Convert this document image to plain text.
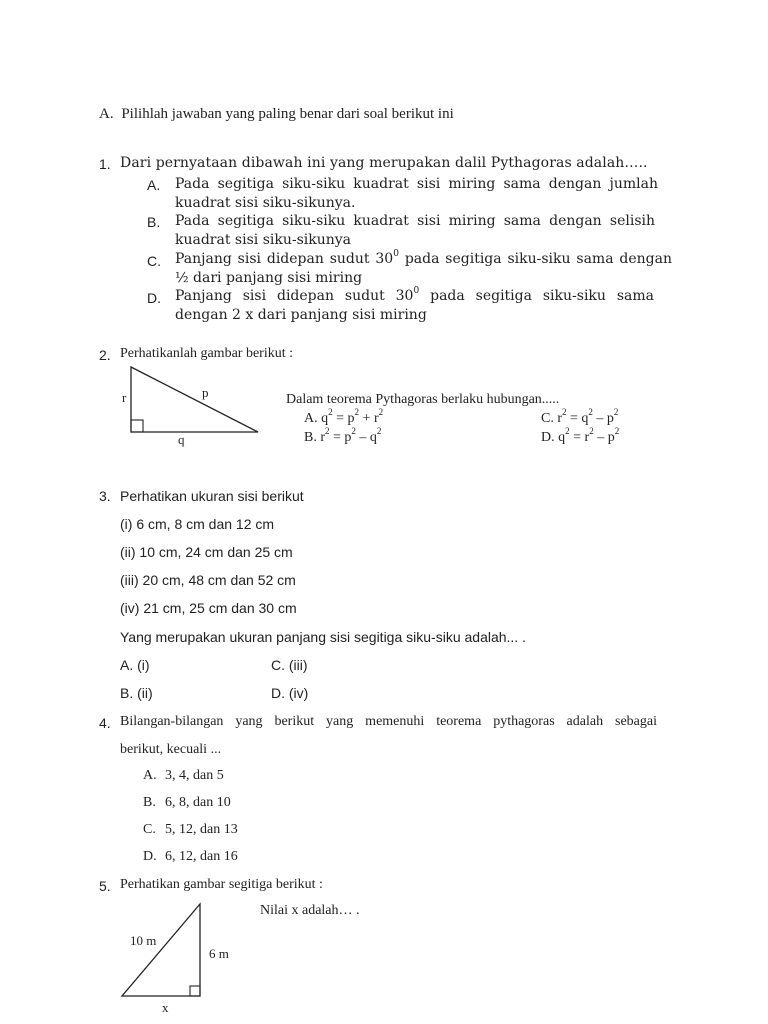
A. Pilihlah jawaban yang paling benar dari soal berikut ini
1. Dari pernyataan dibawah ini yang merupakan dalil Pythagoras adalah…..
A. Pada segitiga siku-siku kuadrat sisi miring sama dengan jumlah
kuadrat sisi siku-sikunya.
B. Pada segitiga siku-siku kuadrat sisi miring sama dengan selisih
kuadrat sisi siku-sikunya
C. Panjang sisi didepan sudut $30^0$ pada segitiga siku-siku sama dengan
½ dari panjang sisi miring
D. Panjang sisi didepan sudut $30^0$ pada segitiga siku-siku sama
dengan 2 x dari panjang sisi miring
2. Perhatikanlah gambar berikut :
r	p
q
Dalam teorema Pythagoras berlaku hubungan.....
A. $q^2 = p^2 + r^2$
B. $r^2 = p^2 - q^2$
C. $r^2 = q^2 - p^2$
D. $q^2 = r^2 - p^2$
3. Perhatikan ukuran sisi berikut
(i) 6 cm, 8 cm dan 12 cm
(ii) 10 cm, 24 cm dan 25 cm
(iii) 20 cm, 48 cm dan 52 cm
(iv) 21 cm, 25 cm dan 30 cm
Yang merupakan ukuran panjang sisi segitiga siku-siku adalah... .
A. (i)	C. (iii)
B. (ii)	D. (iv)
4. Bilangan-bilangan yang berikut yang memenuhi teorema pythagoras adalah sebagai
berikut, kecuali ...
A. 3, 4, dan 5
B. 6, 8, dan 10
C. 5, 12, dan 13
D. 6, 12, dan 16
5. Perhatikan gambar segitiga berikut :
Nilai x adalah… .
10 m
6 m
x
